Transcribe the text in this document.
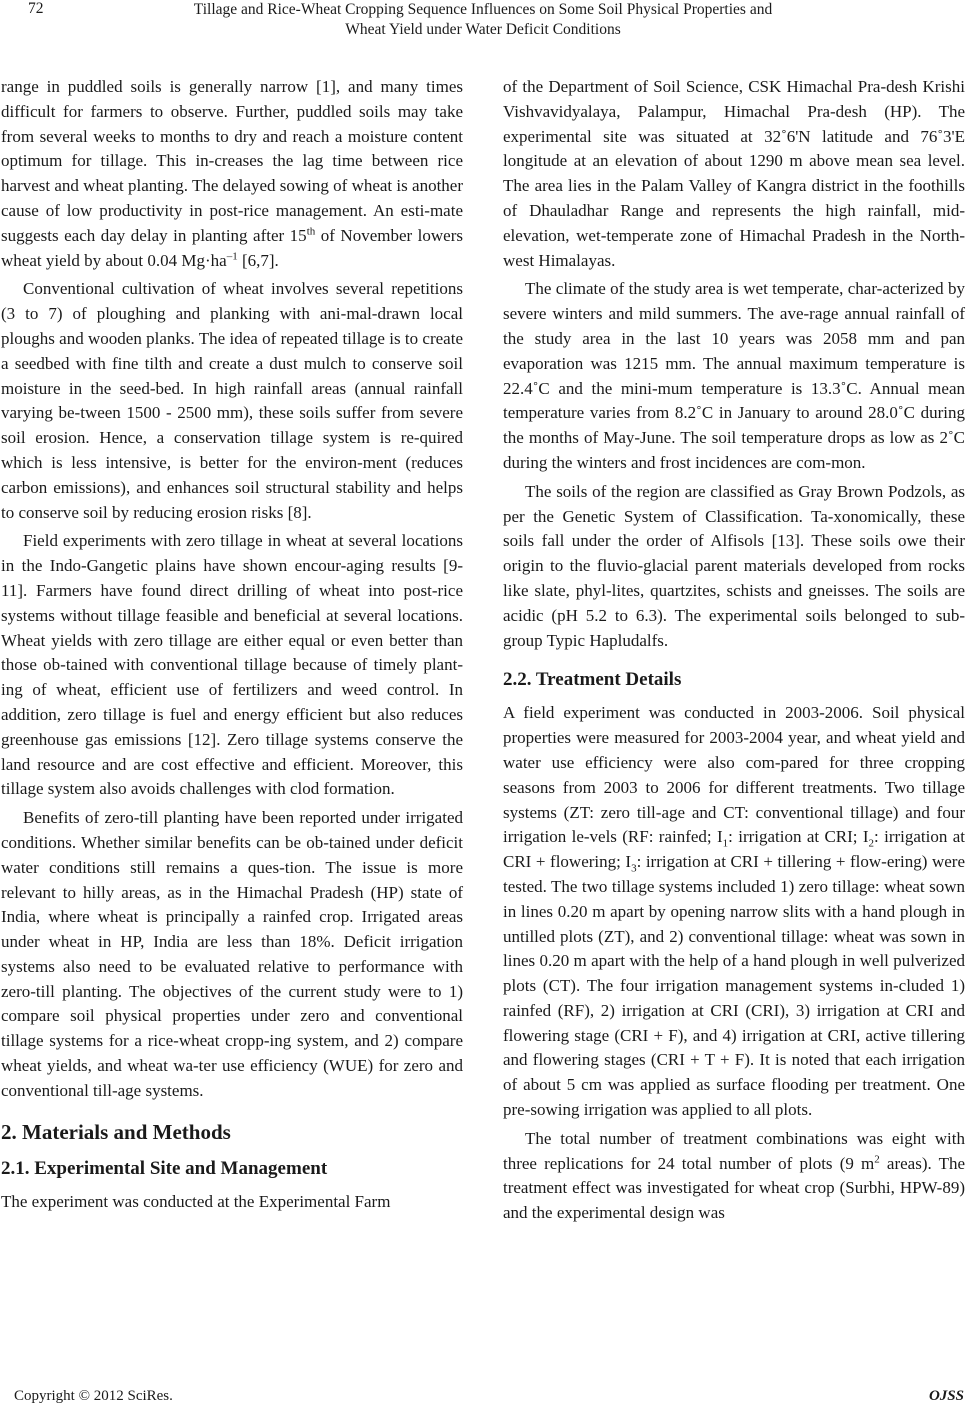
72	Tillage and Rice-Wheat Cropping Sequence Influences on Some Soil Physical Properties and
Wheat Yield under Water Deficit Conditions

range in puddled soils is generally narrow [1], and many times difficult for farmers to observe. Further, puddled soils may take from several weeks to months to dry and reach a moisture content optimum for tillage. This in-creases the lag time between rice harvest and wheat planting. The delayed sowing of wheat is another cause of low productivity in post-rice management. An esti-mate suggests each day delay in planting after 15th of November lowers wheat yield by about 0.04 $Mg\cdot ha^{-1}$ [6,7].

Conventional cultivation of wheat involves several repetitions (3 to 7) of ploughing and planking with ani-mal-drawn local ploughs and wooden planks. The idea of repeated tillage is to create a seedbed with fine tilth and create a dust mulch to conserve soil moisture in the seed-bed. In high rainfall areas (annual rainfall varying be-tween 1500 - 2500 mm), these soils suffer from severe soil erosion. Hence, a conservation tillage system is re-quired which is less intensive, is better for the environ-ment (reduces carbon emissions), and enhances soil structural stability and helps to conserve soil by reducing erosion risks [8].

Field experiments with zero tillage in wheat at several locations in the Indo-Gangetic plains have shown encour-aging results [9-11]. Farmers have found direct drilling of wheat into post-rice systems without tillage feasible and beneficial at several locations. Wheat yields with zero tillage are either equal or even better than those ob-tained with conventional tillage because of timely plant-ing of wheat, efficient use of fertilizers and weed control. In addition, zero tillage is fuel and energy efficient but also reduces greenhouse gas emissions [12]. Zero tillage systems conserve the land resource and are cost effective and efficient. Moreover, this tillage system also avoids challenges with clod formation.

Benefits of zero-till planting have been reported under irrigated conditions. Whether similar benefits can be ob-tained under deficit water conditions still remains a ques-tion. The issue is more relevant to hilly areas, as in the Himachal Pradesh (HP) state of India, where wheat is principally a rainfed crop. Irrigated areas under wheat in HP, India are less than 18%. Deficit irrigation systems also need to be evaluated relative to performance with zero-till planting. The objectives of the current study were to 1) compare soil physical properties under zero and conventional tillage systems for a rice-wheat cropp-ing system, and 2) compare wheat yields, and wheat wa-ter use efficiency (WUE) for zero and conventional till-age systems.

2. Materials and Methods
2.1. Experimental Site and Management

The experiment was conducted at the Experimental Farm

of the Department of Soil Science, CSK Himachal Pra-desh Krishi Vishvavidyalaya, Palampur, Himachal Pra-desh (HP). The experimental site was situated at 32˚6'N latitude and 76˚3'E longitude at an elevation of about 1290 m above mean sea level. The area lies in the Palam Valley of Kangra district in the foothills of Dhauladhar Range and represents the high rainfall, mid-elevation, wet-temperate zone of Himachal Pradesh in the North-west Himalayas.

The climate of the study area is wet temperate, char-acterized by severe winters and mild summers. The ave-rage annual rainfall of the study area in the last 10 years was 2058 mm and pan evaporation was 1215 mm. The annual maximum temperature is 22.4˚C and the mini-mum temperature is 13.3˚C. Annual mean temperature varies from 8.2˚C in January to around 28.0˚C during the months of May-June. The soil temperature drops as low as 2˚C during the winters and frost incidences are com-mon.

The soils of the region are classified as Gray Brown Podzols, as per the Genetic System of Classification. Ta-xonomically, these soils fall under the order of Alfisols [13]. These soils owe their origin to the fluvio-glacial parent materials developed from rocks like slate, phyl-lites, quartzites, schists and gneisses. The soils are acidic (pH 5.2 to 6.3). The experimental soils belonged to sub-group Typic Hapludalfs.

2.2. Treatment Details

A field experiment was conducted in 2003-2006. Soil physical properties were measured for 2003-2004 year, and wheat yield and water use efficiency were also com-pared for three cropping seasons from 2003 to 2006 for different treatments. Two tillage systems (ZT: zero till-age and CT: conventional tillage) and four irrigation le-vels (RF: rainfed; $I_1$: irrigation at CRI; $I_2$: irrigation at CRI + flowering; $I_3$: irrigation at CRI + tillering + flow-ering) were tested. The two tillage systems included 1) zero tillage: wheat sown in lines 0.20 m apart by opening narrow slits with a hand plough in untilled plots (ZT), and 2) conventional tillage: wheat was sown in lines 0.20 m apart with the help of a hand plough in well pulverized plots (CT). The four irrigation management systems in-cluded 1) rainfed (RF), 2) irrigation at CRI (CRI), 3) irrigation at CRI and flowering stage (CRI + F), and 4) irrigation at CRI, active tillering and flowering stages (CRI + T + F). It is noted that each irrigation of about 5 cm was applied as surface flooding per treatment. One pre-sowing irrigation was applied to all plots.

The total number of treatment combinations was eight with three replications for 24 total number of plots (9 $m^2$ areas). The treatment effect was investigated for wheat crop (Surbhi, HPW-89) and the experimental design was

Copyright © 2012 SciRes.	OJSS
